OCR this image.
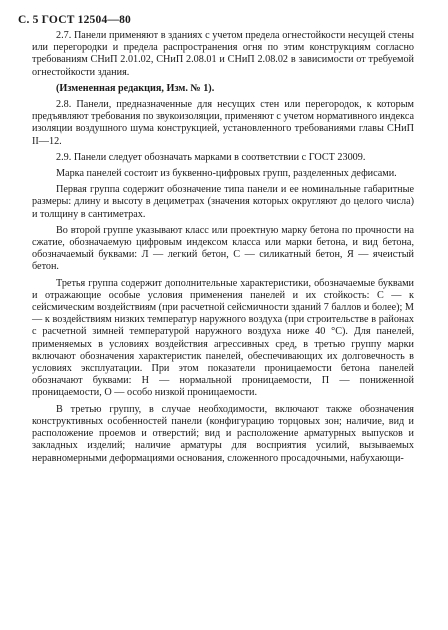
С. 5 ГОСТ 12504—80

2.7. Панели применяют в зданиях с учетом предела огнестойкости несущей стены или перегородки и предела распространения огня по этим конструкциям согласно требованиям СНиП 2.01.02, СНиП 2.08.01 и СНиП 2.08.02 в зависимости от требуемой огнестойкости здания.

(Измененная редакция, Изм. № 1).

2.8. Панели, предназначенные для несущих стен или перегородок, к которым предъявляют требования по звукоизоляции, применяют с учетом нормативного индекса изоляции воздушного шума конструкцией, установленного требованиями главы СНиП II—12.

2.9. Панели следует обозначать марками в соответствии с ГОСТ 23009.

Марка панелей состоит из буквенно-цифровых групп, разделенных дефисами.

Первая группа содержит обозначение типа панели и ее номинальные габаритные размеры: длину и высоту в дециметрах (значения которых округляют до целого числа) и толщину в сантиметрах.

Во второй группе указывают класс или проектную марку бетона по прочности на сжатие, обозначаемую цифровым индексом класса или марки бетона, и вид бетона, обозначаемый буквами: Л — легкий бетон, С — силикатный бетон, Я — ячеистый бетон.

Третья группа содержит дополнительные характеристики, обозначаемые буквами и отражающие особые условия применения панелей и их стойкость: С — к сейсмическим воздействиям (при расчетной сейсмичности зданий 7 баллов и более); М — к воздействиям низких температур наружного воздуха (при строительстве в районах с расчетной зимней температурой наружного воздуха ниже 40 °С). Для панелей, применяемых в условиях воздействия агрессивных сред, в третью группу марки включают обозначения характеристик панелей, обеспечивающих их долговечность в условиях эксплуатации. При этом показатели проницаемости бетона панелей обозначают буквами: Н — нормальной проницаемости, П — пониженной проницаемости, О — особо низкой проницаемости.

В третью группу, в случае необходимости, включают также обозначения конструктивных особенностей панели (конфигурацию торцовых зон; наличие, вид и расположение проемов и отверстий; вид и расположение арматурных выпусков и закладных изделий; наличие арматуры для восприятия усилий, вызываемых неравномерными деформациями основания, сложенного просадочными, набухающи-
